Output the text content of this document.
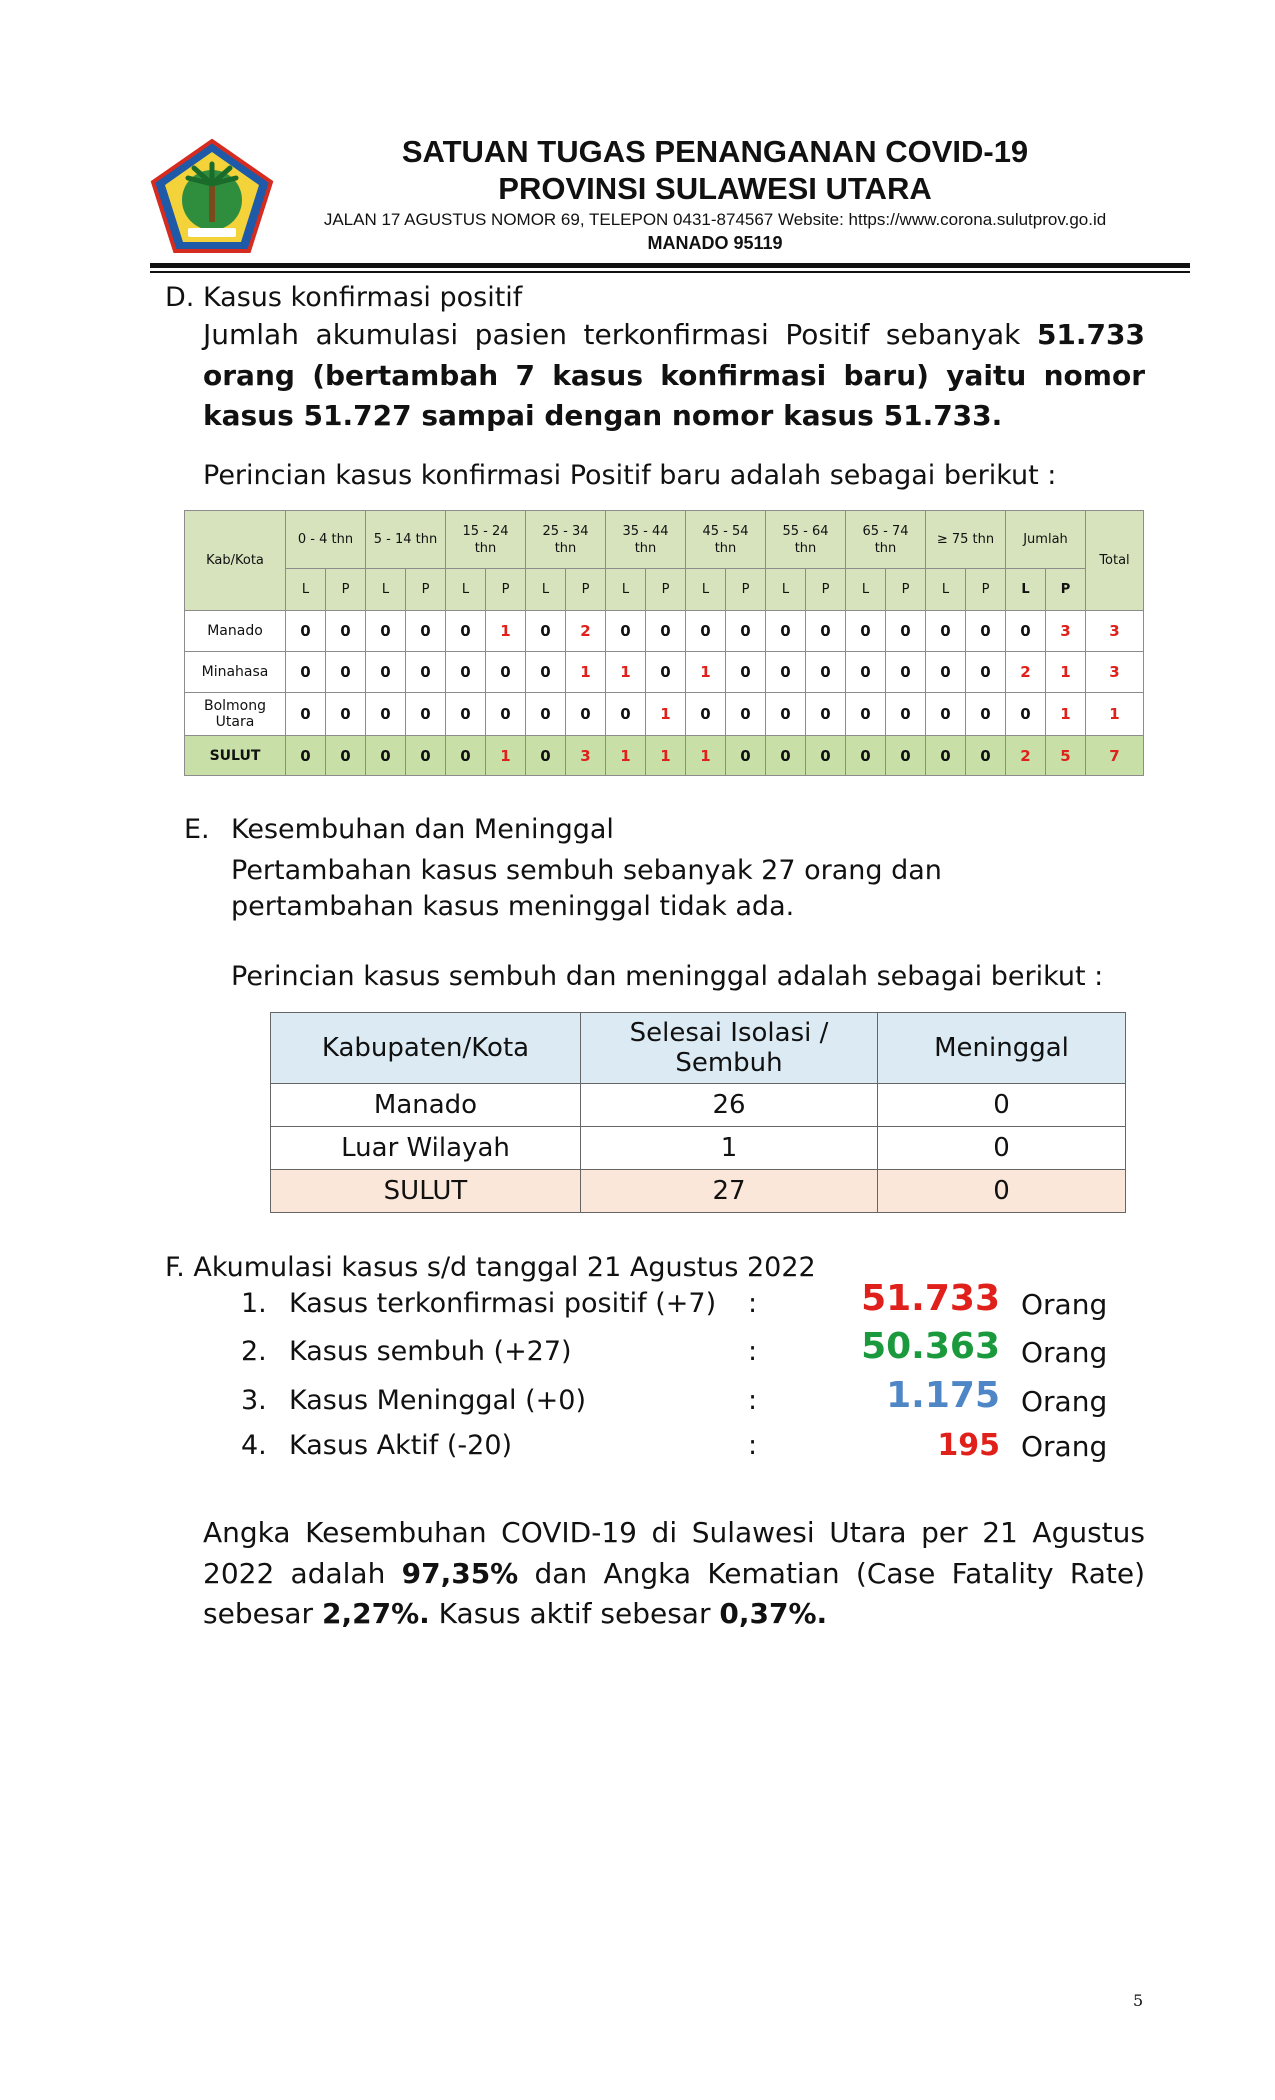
SATUAN TUGAS PENANGANAN COVID-19
PROVINSI SULAWESI UTARA
JALAN 17 AGUSTUS NOMOR 69, TELEPON 0431-874567 Website: https://www.corona.sulutprov.go.id
MANADO 95119
D. Kasus konfirmasi positif
Jumlah akumulasi pasien terkonfirmasi Positif sebanyak 51.733 orang (bertambah 7 kasus konfirmasi baru) yaitu nomor kasus 51.727 sampai dengan nomor kasus 51.733.
Perincian kasus konfirmasi Positif baru adalah sebagai berikut :
Kab/Kota	0 - 4 thn		5 - 14 thn		15 - 24 thn		25 - 34 thn		35 - 44 thn		45 - 54 thn		55 - 64 thn		65 - 74 thn		≥ 75 thn		Jumlah		Total
	L	P	L	P	L	P	L	P	L	P	L	P	L	P	L	P	L	P	L	P	
Manado	0	0	0	0	0	1	0	2	0	0	0	0	0	0	0	0	0	0	0	3	3
Minahasa	0	0	0	0	0	0	0	1	1	0	1	0	0	0	0	0	0	0	2	1	3
Bolmong Utara	0	0	0	0	0	0	0	0	0	1	0	0	0	0	0	0	0	0	0	1	1
SULUT	0	0	0	0	0	1	0	3	1	1	1	0	0	0	0	0	0	0	2	5	7
E. Kesembuhan dan Meninggal
Pertambahan kasus sembuh sebanyak 27 orang dan pertambahan kasus meninggal tidak ada.
Perincian kasus sembuh dan meninggal adalah sebagai berikut :
Kabupaten/Kota	Selesai Isolasi / Sembuh	Meninggal
Manado	26	0
Luar Wilayah	1	0
SULUT	27	0
F. Akumulasi kasus s/d tanggal 21 Agustus 2022
1. Kasus terkonfirmasi positif (+7) :	51.733 Orang
2. Kasus sembuh (+27)	:	50.363 Orang
3. Kasus Meninggal (+0)	:	1.175 Orang
4. Kasus Aktif (-20)	:	195 Orang
Angka Kesembuhan COVID-19 di Sulawesi Utara per 21 Agustus 2022 adalah 97,35% dan Angka Kematian (Case Fatality Rate) sebesar 2,27%. Kasus aktif sebesar 0,37%.
5
